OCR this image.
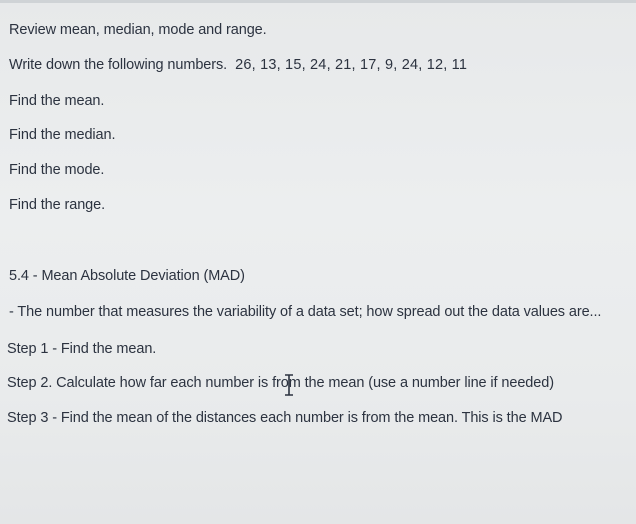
Review mean, median, mode and range.
Write down the following numbers. 26, 13, 15, 24, 21, 17, 9, 24, 12, 11
Find the mean.
Find the median.
Find the mode.
Find the range.
5.4 - Mean Absolute Deviation (MAD)
- The number that measures the variability of a data set; how spread out the data values are...
Step 1 - Find the mean.
Step 2. Calculate how far each number is from the mean (use a number line if needed)
Step 3 - Find the mean of the distances each number is from the mean. This is the MAD
